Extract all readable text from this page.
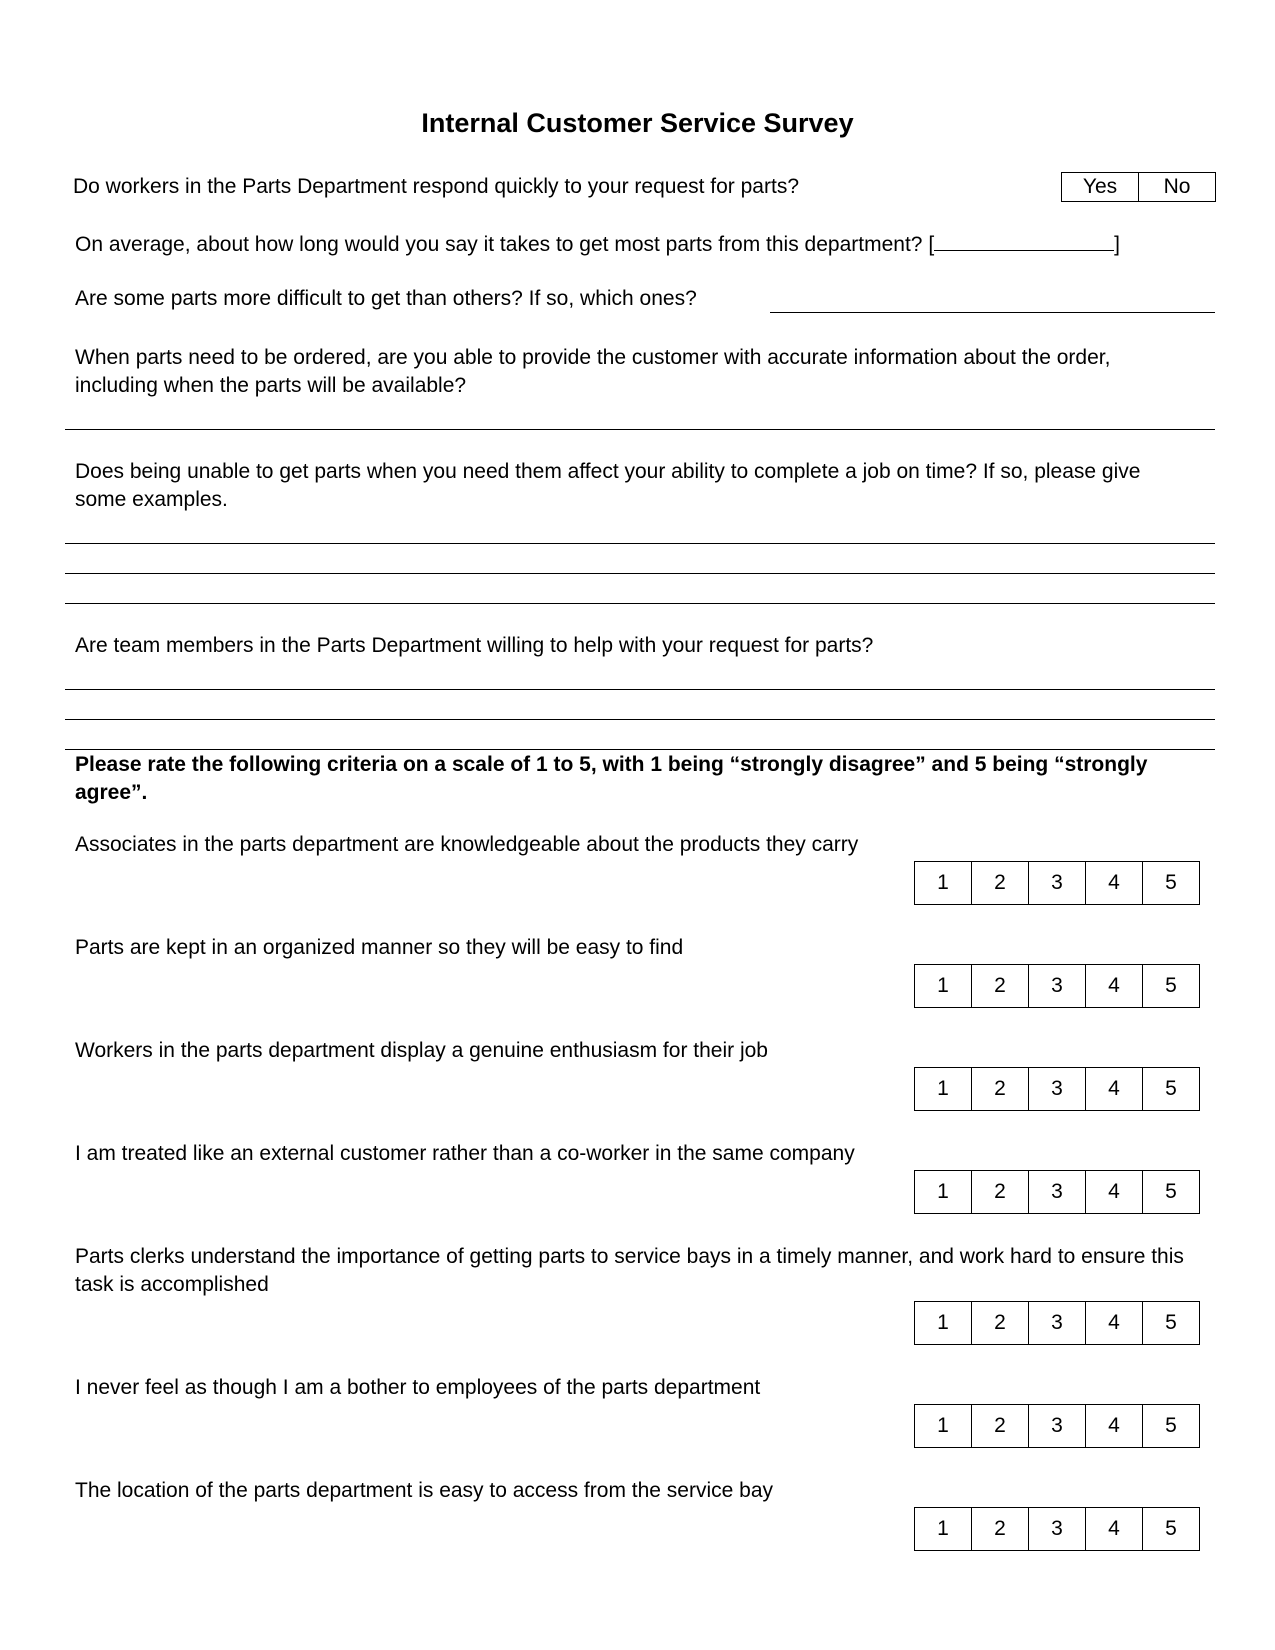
Internal Customer Service Survey
Do workers in the Parts Department respond quickly to your request for parts?	Yes	No
On average, about how long would you say it takes to get most parts from this department? [	]
Are some parts more difficult to get than others? If so, which ones?
When parts need to be ordered, are you able to provide the customer with accurate information about the order, including when the parts will be available?
Does being unable to get parts when you need them affect your ability to complete a job on time? If so, please give some examples.
Are team members in the Parts Department willing to help with your request for parts?
Please rate the following criteria on a scale of 1 to 5, with 1 being “strongly disagree” and 5 being “strongly agree”.
Associates in the parts department are knowledgeable about the products they carry
1	2	3	4	5
Parts are kept in an organized manner so they will be easy to find
1	2	3	4	5
Workers in the parts department display a genuine enthusiasm for their job
1	2	3	4	5
I am treated like an external customer rather than a co-worker in the same company
1	2	3	4	5
Parts clerks understand the importance of getting parts to service bays in a timely manner, and work hard to ensure this task is accomplished
1	2	3	4	5
I never feel as though I am a bother to employees of the parts department
1	2	3	4	5
The location of the parts department is easy to access from the service bay
1	2	3	4	5
